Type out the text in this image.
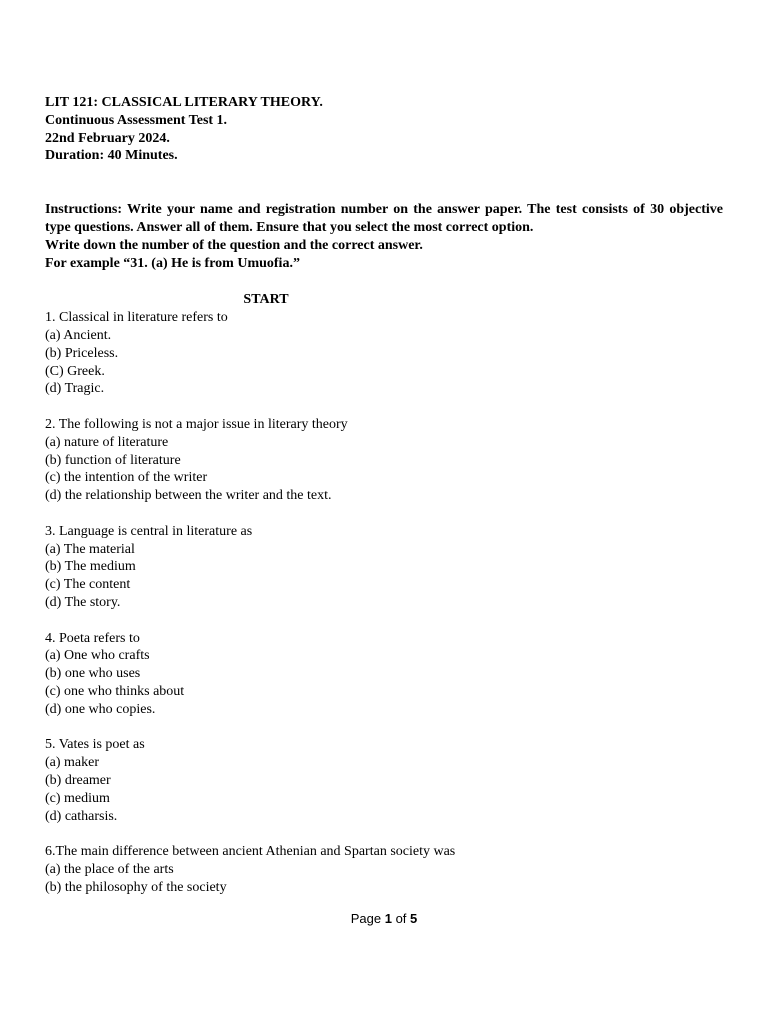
LIT 121: CLASSICAL LITERARY THEORY.
Continuous Assessment Test 1.
22nd February 2024.
Duration: 40 Minutes.
Instructions: Write your name and registration number on the answer paper. The test consists of 30 objective type questions. Answer all of them. Ensure that you select the most correct option.
Write down the number of the question and the correct answer.
For example “31. (a) He is from Umuofia.”
START
1. Classical in literature refers to
(a) Ancient.
(b) Priceless.
(C) Greek.
(d) Tragic.
2. The following is not a major issue in literary theory
(a) nature of literature
(b) function of literature
(c) the intention of the writer
(d) the relationship between the writer and the text.
3. Language is central in literature as
(a) The material
(b) The medium
(c) The content
(d) The story.
4. Poeta refers to
(a) One who crafts
(b) one who uses
(c) one who thinks about
(d) one who copies.
5. Vates is poet as
(a) maker
(b) dreamer
(c) medium
(d) catharsis.
6.The main difference between ancient Athenian and Spartan society was
(a) the place of the arts
(b) the philosophy of the society
Page 1 of 5
